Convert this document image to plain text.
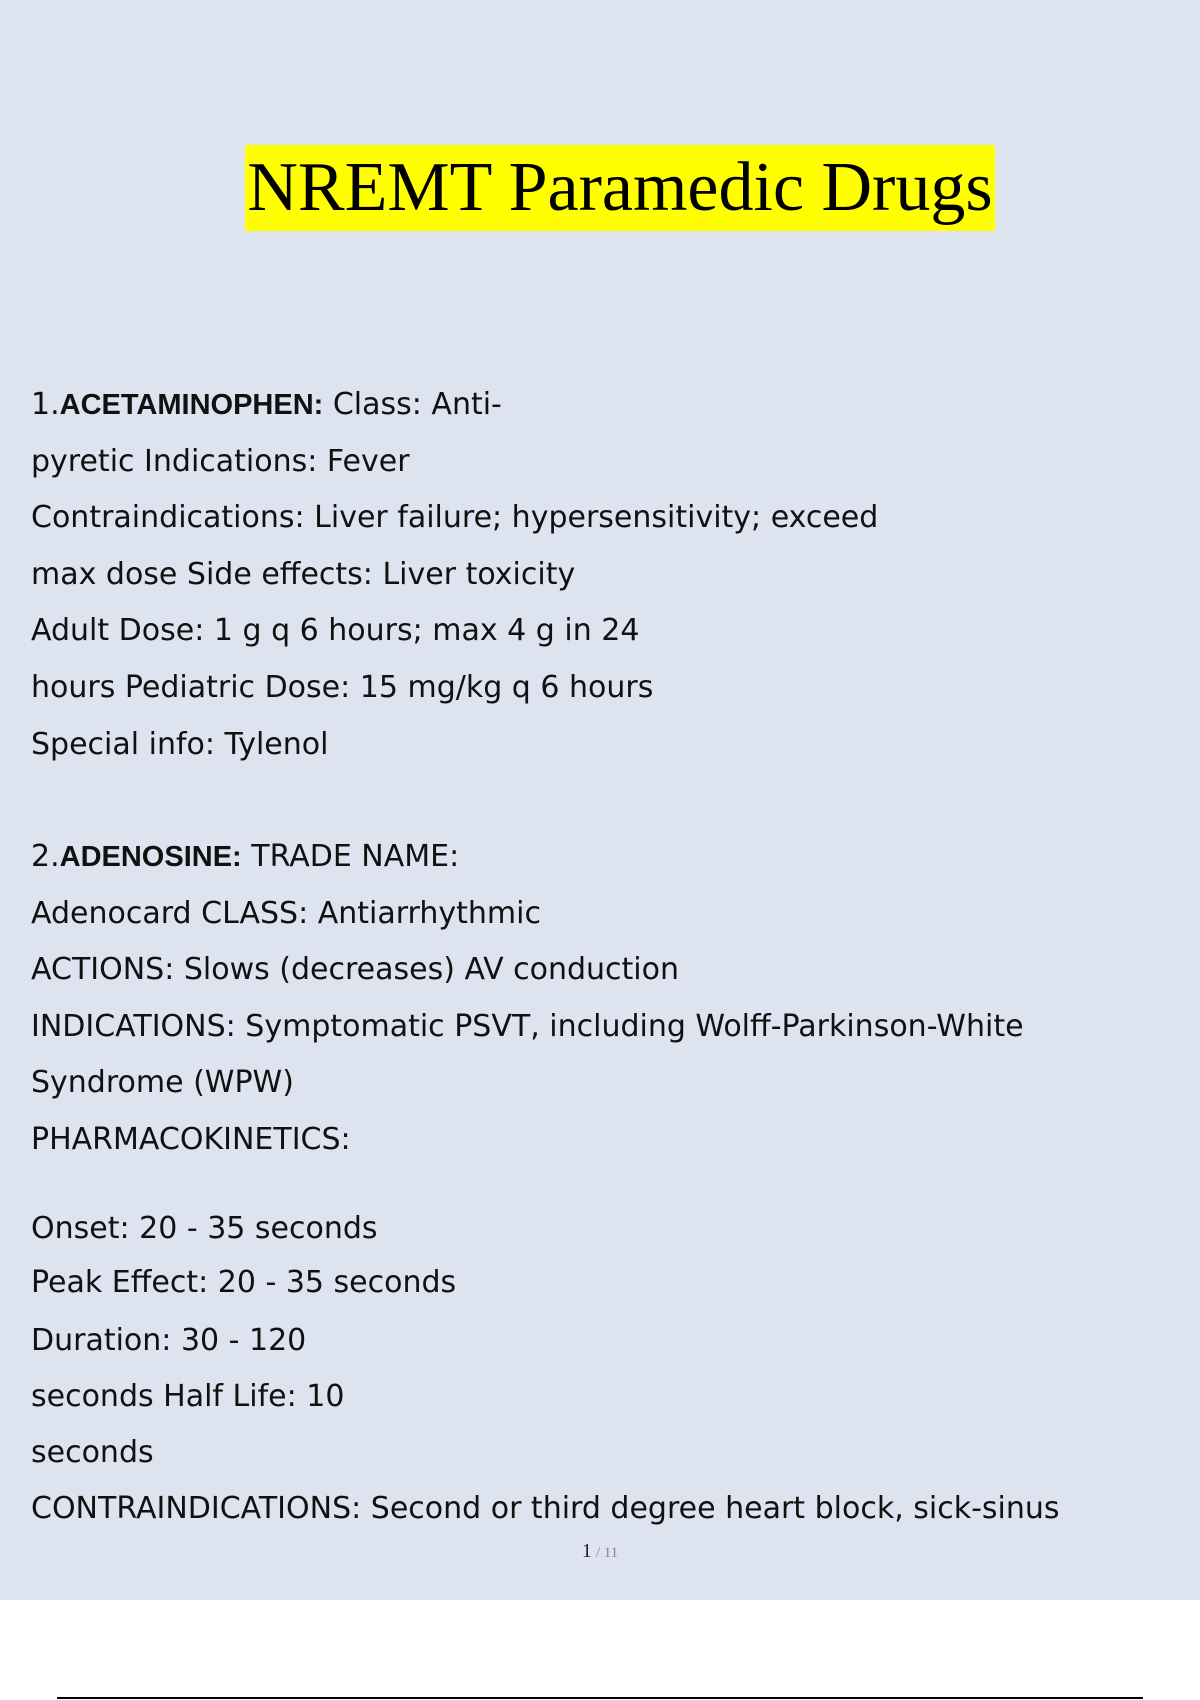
NREMT Paramedic Drugs
1.ACETAMINOPHEN: Class: Anti-
pyretic Indications: Fever
Contraindications: Liver failure; hypersensitivity; exceed
max dose Side effects: Liver toxicity
Adult Dose: 1 g q 6 hours; max 4 g in 24
hours Pediatric Dose: 15 mg/kg q 6 hours
Special info: Tylenol
2.ADENOSINE: TRADE NAME:
Adenocard CLASS: Antiarrhythmic
ACTIONS: Slows (decreases) AV conduction
INDICATIONS: Symptomatic PSVT, including Wolff-Parkinson-White
Syndrome (WPW)
PHARMACOKINETICS:
Onset: 20 - 35 seconds
Peak Effect: 20 - 35 seconds
Duration: 30 - 120
seconds Half Life: 10
seconds
CONTRAINDICATIONS: Second or third degree heart block, sick-sinus
1 / 11
